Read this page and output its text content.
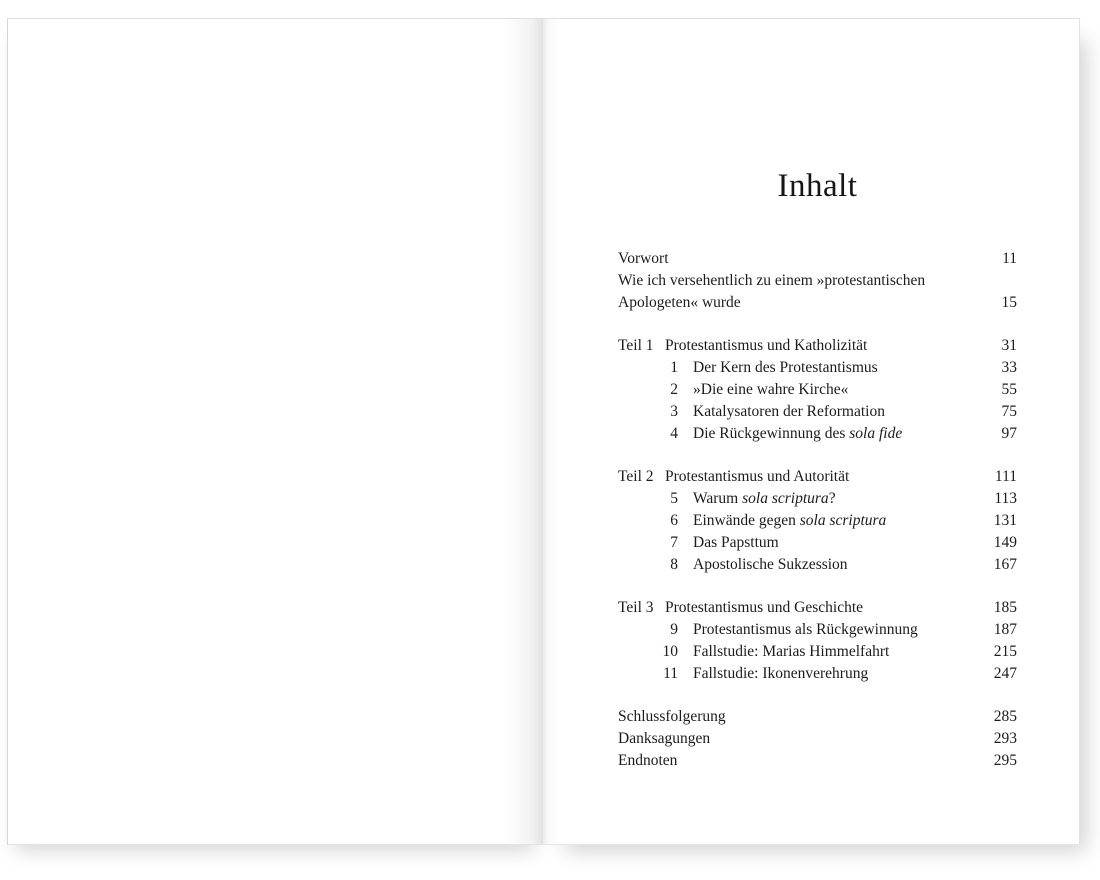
Inhalt
Vorwort	11
Wie ich versehentlich zu einem »protestantischen
Apologeten« wurde	15
Teil 1 Protestantismus und Katholizität	31
1 Der Kern des Protestantismus	33
2 »Die eine wahre Kirche«	55
3 Katalysatoren der Reformation	75
4 Die Rückgewinnung des sola fide	97
Teil 2 Protestantismus und Autorität	111
5 Warum sola scriptura?	113
6 Einwände gegen sola scriptura	131
7 Das Papsttum	149
8 Apostolische Sukzession	167
Teil 3 Protestantismus und Geschichte	185
9 Protestantismus als Rückgewinnung	187
10 Fallstudie: Marias Himmelfahrt	215
11 Fallstudie: Ikonenverehrung	247
Schlussfolgerung	285
Danksagungen	293
Endnoten	295
